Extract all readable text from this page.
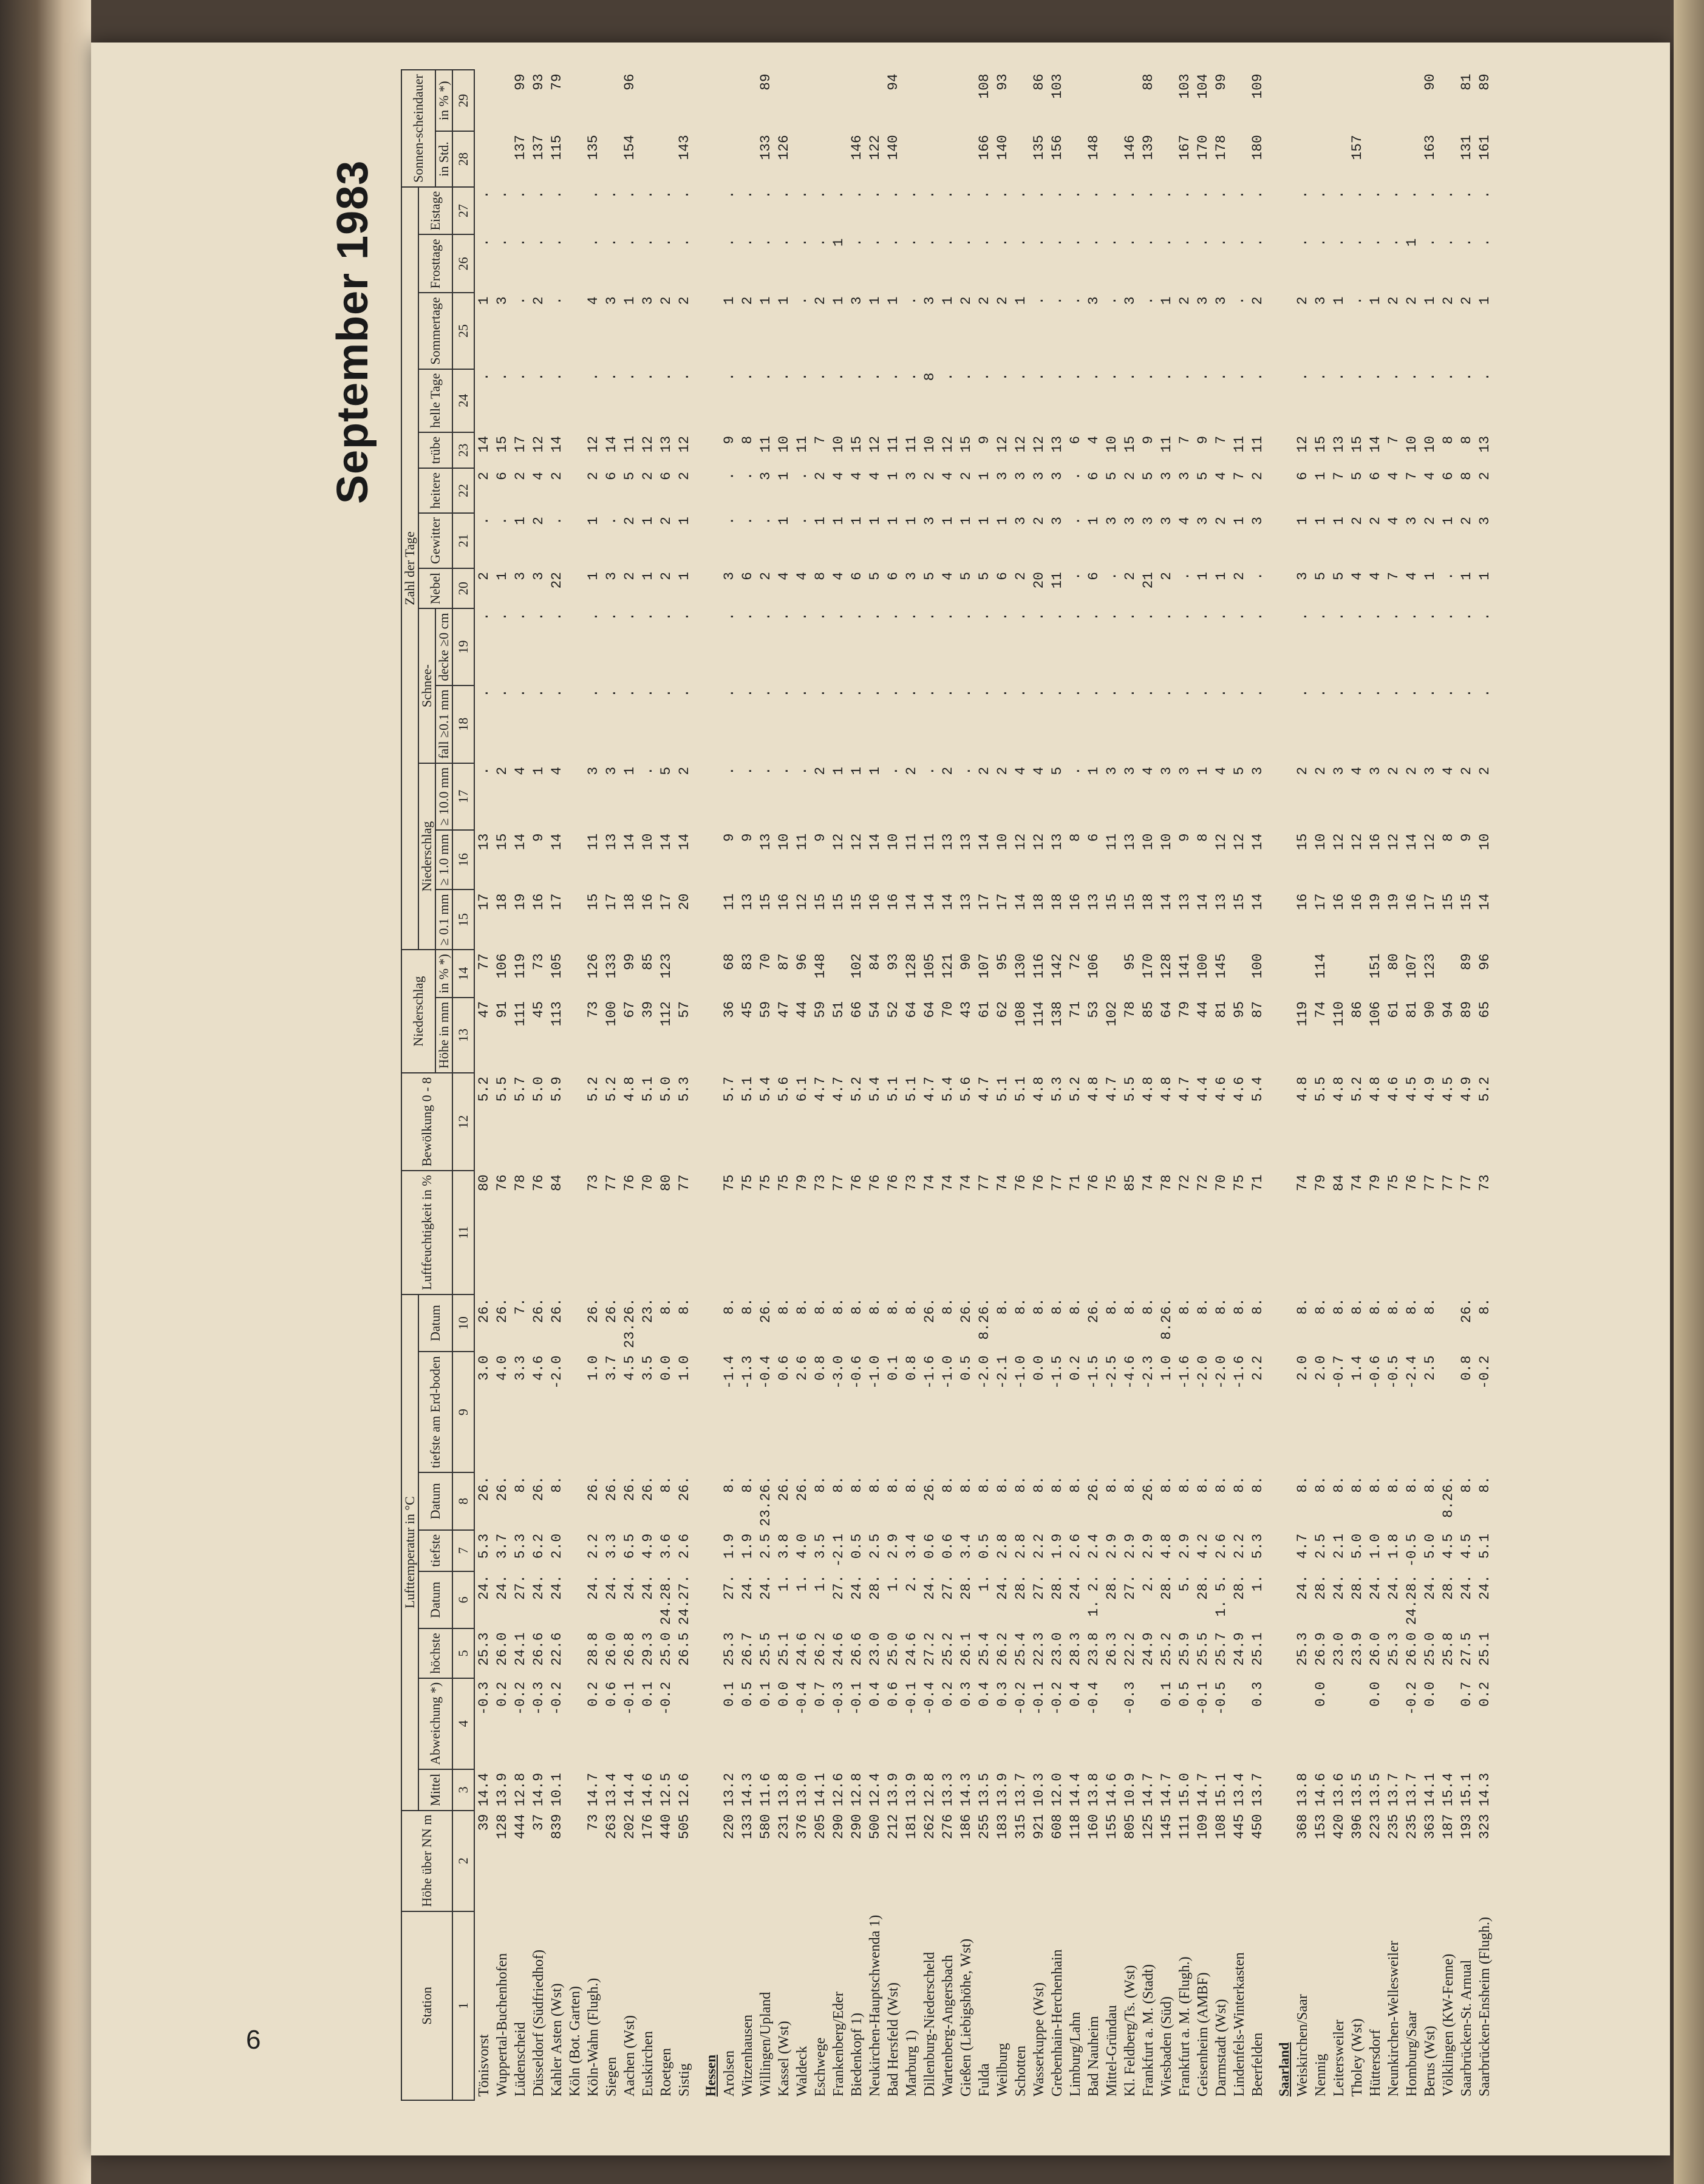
6
September 1983
Station	Höhe über NN m	Lufttemperatur in °C								Luftfeuchtigkeit in %	Bewölkung 0 - 8	Niederschlag		Zahl der Tage													Sonnen-scheindauer	
		Mittel	Abweichung *)	höchste	Datum	tiefste	Datum	tiefste am Erd-boden	Datum					Niederschlag			Schnee-		Nebel	Gewitter	heitere	trübe	helle Tage	Sommertage	Frosttage	Eistage		
												Höhe in mm	in % *)	≥ 0.1 mm	≥ 1.0 mm	≥ 10.0 mm	fall ≥0.1 mm	decke ≥0 cm									in Std.	in % *)
1	2	3	4	5	6	7	8	9	10	11	12	13	14	15	16	17	18	19	20	21	22	23	24	25	26	27	28	29
Tönisvorst	39	14.4	-0.3	25.3	24.	5.3	26.	3.0	26.	80	5.2	47	77	17	13	.	.	.	2	.	2	14	.	1	.	.		
Wuppertal-Buchenhofen	128	13.9	0.2	26.0	24.	3.7	26.	4.0	26.	76	5.5	91	106	18	15	2	.	.	1	.	6	15	.	3	.	.		
Lüdenscheid	444	12.8	-0.2	24.1	27.	5.3	8.	3.3	7.	78	5.7	111	119	19	14	4	.	.	3	1	2	17	.	.	.	.	137	99
Düsseldorf (Südfriedhof)	37	14.9	-0.3	26.6	24.	6.2	26.	4.6	26.	76	5.0	45	73	16	9	1	.	.	3	2	4	12	.	2	.	.	137	93
Kahler Asten (Wst)	839	10.1	-0.2	22.6	24.	2.0	8.	-2.0	26.	84	5.9	113	105	17	14	4	.	.	22	.	2	14	.	.	.	.	115	79
Köln (Bot. Garten)																												
Köln-Wahn (Flugh.)	73	14.7	0.2	28.8	24.	2.2	26.	1.0	26.	73	5.2	73	126	15	11	3	.	.	1	1	2	12	.	4	.	.	135	
Siegen	263	13.4	0.6	26.0	24.	3.3	26.	3.7	26.	77	5.2	100	133	17	13	3	.	.	3	.	6	14	.	3	.	.		
Aachen (Wst)	202	14.4	-0.1	26.8	24.	6.5	26.	4.5	23.26.	76	4.8	67	99	18	14	1	.	.	2	2	5	11	.	1	.	.	154	96
Euskirchen	176	14.6	0.1	29.3	24.	4.9	26.	3.5	23.	70	5.1	39	85	16	10	.	.	.	1	1	2	12	.	3	.	.		
Roetgen	440	12.5	-0.2	25.0	24.28.	3.6	8.	0.0	8.	80	5.0	112	123	17	14	5	.	.	2	2	6	13	.	2	.	.		
Sistig	505	12.6		26.5	24.27.	2.6	26.	1.0	8.	77	5.3	57		20	14	2	.	.	1	1	2	12	.	2	.	.	143	
Hessen																												
Arolsen	220	13.2	0.1	25.3	27.	1.9	8.	-1.4	8.	75	5.7	36	68	11	9	.	.	.	3	.	.	9	.	1	.	.		
Witzenhausen	133	14.3	0.5	26.7	24.	1.9	8.	-1.3	8.	75	5.1	45	83	13	9	.	.	.	6	.	.	8	.	2	.	.		
Willingen/Upland	580	11.6	0.1	25.5	24.	2.5	23.26.	-0.4	26.	75	5.4	59	70	15	13	.	.	.	2	.	3	11	.	1	.	.	133	89
Kassel (Wst)	231	13.8	0.0	25.1	1.	3.8	26.	0.6	8.	75	5.6	47	87	16	10	.	.	.	4	1	1	10	.	1	.	.	126	
Waldeck	376	13.0	-0.4	24.6	1.	4.0	26.	2.6	8.	79	6.1	44	96	12	11	.	.	.	4	.	.	11	.	.	.	.		
Eschwege	205	14.1	0.7	26.2	1.	3.5	8.	0.8	8.	73	4.7	59	148	15	9	2	.	.	8	1	2	7	.	2	.	.		
Frankenberg/Eder	290	12.6	-0.3	24.6	27.	-2.1	8.	-3.0	8.	77	4.7	51		15	12	1	.	.	4	1	4	10	.	1	1	.		
Biedenkopf 1)	290	12.8	-0.1	26.6	24.	0.5	8.	-0.6	8.	76	5.2	66	102	15	12	1	.	.	6	1	4	15	.	3	.	.	146	
Neukirchen-Hauptschwenda 1)	500	12.4	0.4	23.0	28.	2.5	8.	-1.0	8.	76	5.4	54	84	16	14	1	.	.	5	1	4	12	.	1	.	.	122	
Bad Hersfeld (Wst)	212	13.9	0.6	25.0	1.	2.9	8.	0.1	8.	76	5.1	52	93	16	10	.	.	.	6	1	1	11	.	1	.	.	140	94
Marburg 1)	181	13.9	-0.1	24.6	2.	3.4	8.	0.8	8.	73	5.1	64	128	14	11	2	.	.	3	1	3	11	.	.	.	.		
Dillenburg-Niederscheld	262	12.8	-0.4	27.2	24.	0.6	26.	-1.6	26.	74	4.7	64	105	14	11	.	.	.	5	3	2	10	8	3	.	.		
Wartenberg-Angersbach	276	13.3	0.2	25.2	27.	0.6	8.	-1.0	8.	74	5.4	70	121	14	13	2	.	.	4	1	4	12	.	1	.	.		
Gießen (Liebigshöhe, Wst)	186	14.3	0.3	26.1	28.	3.4	8.	0.5	26.	74	5.6	43	90	13	13	.	.	.	5	1	2	15	.	2	.	.		
Fulda	255	13.5	0.4	25.4	1.	0.5	8.	-2.0	8.26.	77	4.7	61	107	17	14	2	.	.	5	1	1	9	.	2	.	.	166	108
Weilburg	183	13.9	0.3	26.2	24.	2.8	8.	-2.1	8.	74	5.1	62	95	17	10	2	.	.	6	1	3	12	.	2	.	.	140	93
Schotten	315	13.7	-0.2	25.4	28.	2.8	8.	-1.0	8.	76	5.1	108	130	14	12	4	.	.	2	3	3	12	.	1	.	.		
Wasserkuppe (Wst)	921	10.3	-0.1	22.3	27.	2.2	8.	0.0	8.	76	4.8	114	116	18	12	4	.	.	20	2	3	12	.	.	.	.	135	86
Grebenhain-Herchenhain	608	12.0	-0.2	23.0	28.	1.9	8.	-1.5	8.	77	5.3	138	142	18	13	5	.	.	11	3	3	13	.	.	.	.	156	103
Limburg/Lahn	118	14.4	0.4	28.3	24.	2.6	8.	0.2	8.	71	5.2	71	72	16	8	.	.	.	.	.	.	6	.	.	.	.		
Bad Nauheim	160	13.8	-0.4	23.8	1. 2.	2.4	26.	-1.5	26.	76	4.8	53	106	13	6	1	.	.	6	1	6	4	.	3	.	.	148	
Mittel-Gründau	155	14.6		26.3	28.	2.9	8.	-2.5	8.	75	4.7	102		15	11	3	.	.	.	3	5	10	.	.	.	.		
Kl. Feldberg/Ts. (Wst)	805	10.9	-0.3	22.2	27.	2.9	8.	-4.6	8.	85	5.5	78	95	15	13	3	.	.	2	3	2	15	.	3	.	.	146	
Frankfurt a. M. (Stadt)	125	14.7		24.9	2.	2.9	26.	-2.3	8.	74	4.8	85	170	18	10	4	.	.	21	3	5	9	.	.	.	.	139	88
Wiesbaden (Süd)	145	14.7	0.1	25.2	28.	4.8	8.	1.0	8.26.	78	4.8	64	128	14	10	3	.	.	2	3	3	11	.	1	.	.		
Frankfurt a. M. (Flugh.)	111	15.0	0.5	25.9	5.	2.9	8.	-1.6	8.	72	4.7	79	141	13	9	3	.	.	.	4	3	7	.	2	.	.	167	103
Geisenheim (AMBF)	109	14.7	-0.1	25.5	28.	4.2	8.	-2.0	8.	72	4.4	44	100	14	8	1	.	.	1	3	5	9	.	3	.	.	170	104
Darmstadt (Wst)	108	15.1	-0.5	25.7	1. 5.	2.6	8.	-2.0	8.	70	4.6	81	145	13	12	4	.	.	1	2	4	7	.	3	.	.	178	99
Lindenfels-Winterkasten	445	13.4		24.9	28.	2.2	8.	-1.6	8.	75	4.6	95		15	12	5	.	.	2	1	7	11	.	.	.	.		
Beerfelden	450	13.7	0.3	25.1	1.	5.3	8.	2.2	8.	71	5.4	87	100	14	14	3	.	.	.	3	2	11	.	2	.	.	180	109
Saarland																												
Weiskirchen/Saar	368	13.8		25.3	24.	4.7	8.	2.0	8.	74	4.8	119		16	15	2	.	.	3	1	6	12	.	2	.	.		
Nennig	153	14.6	0.0	26.9	28.	2.5	8.	2.0	8.	79	5.5	74	114	17	10	2	.	.	5	1	1	15	.	3	.	.		
Leitersweiler	420	13.6		23.0	24.	2.1	8.	-0.7	8.	84	4.8	110		16	12	3	.	.	5	1	7	13	.	1	.	.		
Tholey (Wst)	396	13.5		23.9	28.	5.0	8.	1.4	8.	74	5.2	86		16	12	4	.	.	4	2	5	15	.	.	.	.	157	
Hüttersdorf	223	13.5	0.0	26.0	24.	1.0	8.	-0.6	8.	79	4.8	106	151	19	16	3	.	.	4	2	6	14	.	1	.	.		
Neunkirchen-Wellesweiler	235	13.7		25.3	24.	1.8	8.	-0.5	8.	75	4.6	61	80	19	12	2	.	.	7	4	4	7	.	2	.	.		
Homburg/Saar	235	13.7	-0.2	26.0	24.28.	-0.5	8.	-2.4	8.	76	4.5	81	107	16	14	2	.	.	4	3	7	10	.	2	1	.		
Berus (Wst)	363	14.1	0.0	25.0	24.	5.0	8.	2.5	8.	77	4.9	90	123	17	12	3	.	.	1	2	4	10	.	1	.	.	163	90
Völklingen (KW-Fenne)	187	15.4		25.8	28.	4.5	8.26.			77	4.5	94		15	8	4	.	.	.	1	6	8	.	2	.	.		
Saarbrücken-St. Arnual	193	15.1	0.7	27.5	24.	4.5	8.	0.8	26.	77	4.9	89	89	15	9	2	.	.	1	2	8	8	.	2	.	.	131	81
Saarbrücken-Ensheim (Flugh.)	323	14.3	0.2	25.1	24.	5.1	8.	-0.2	8.	73	5.2	65	96	14	10	2	.	.	1	3	2	13	.	1	.	.	161	89
